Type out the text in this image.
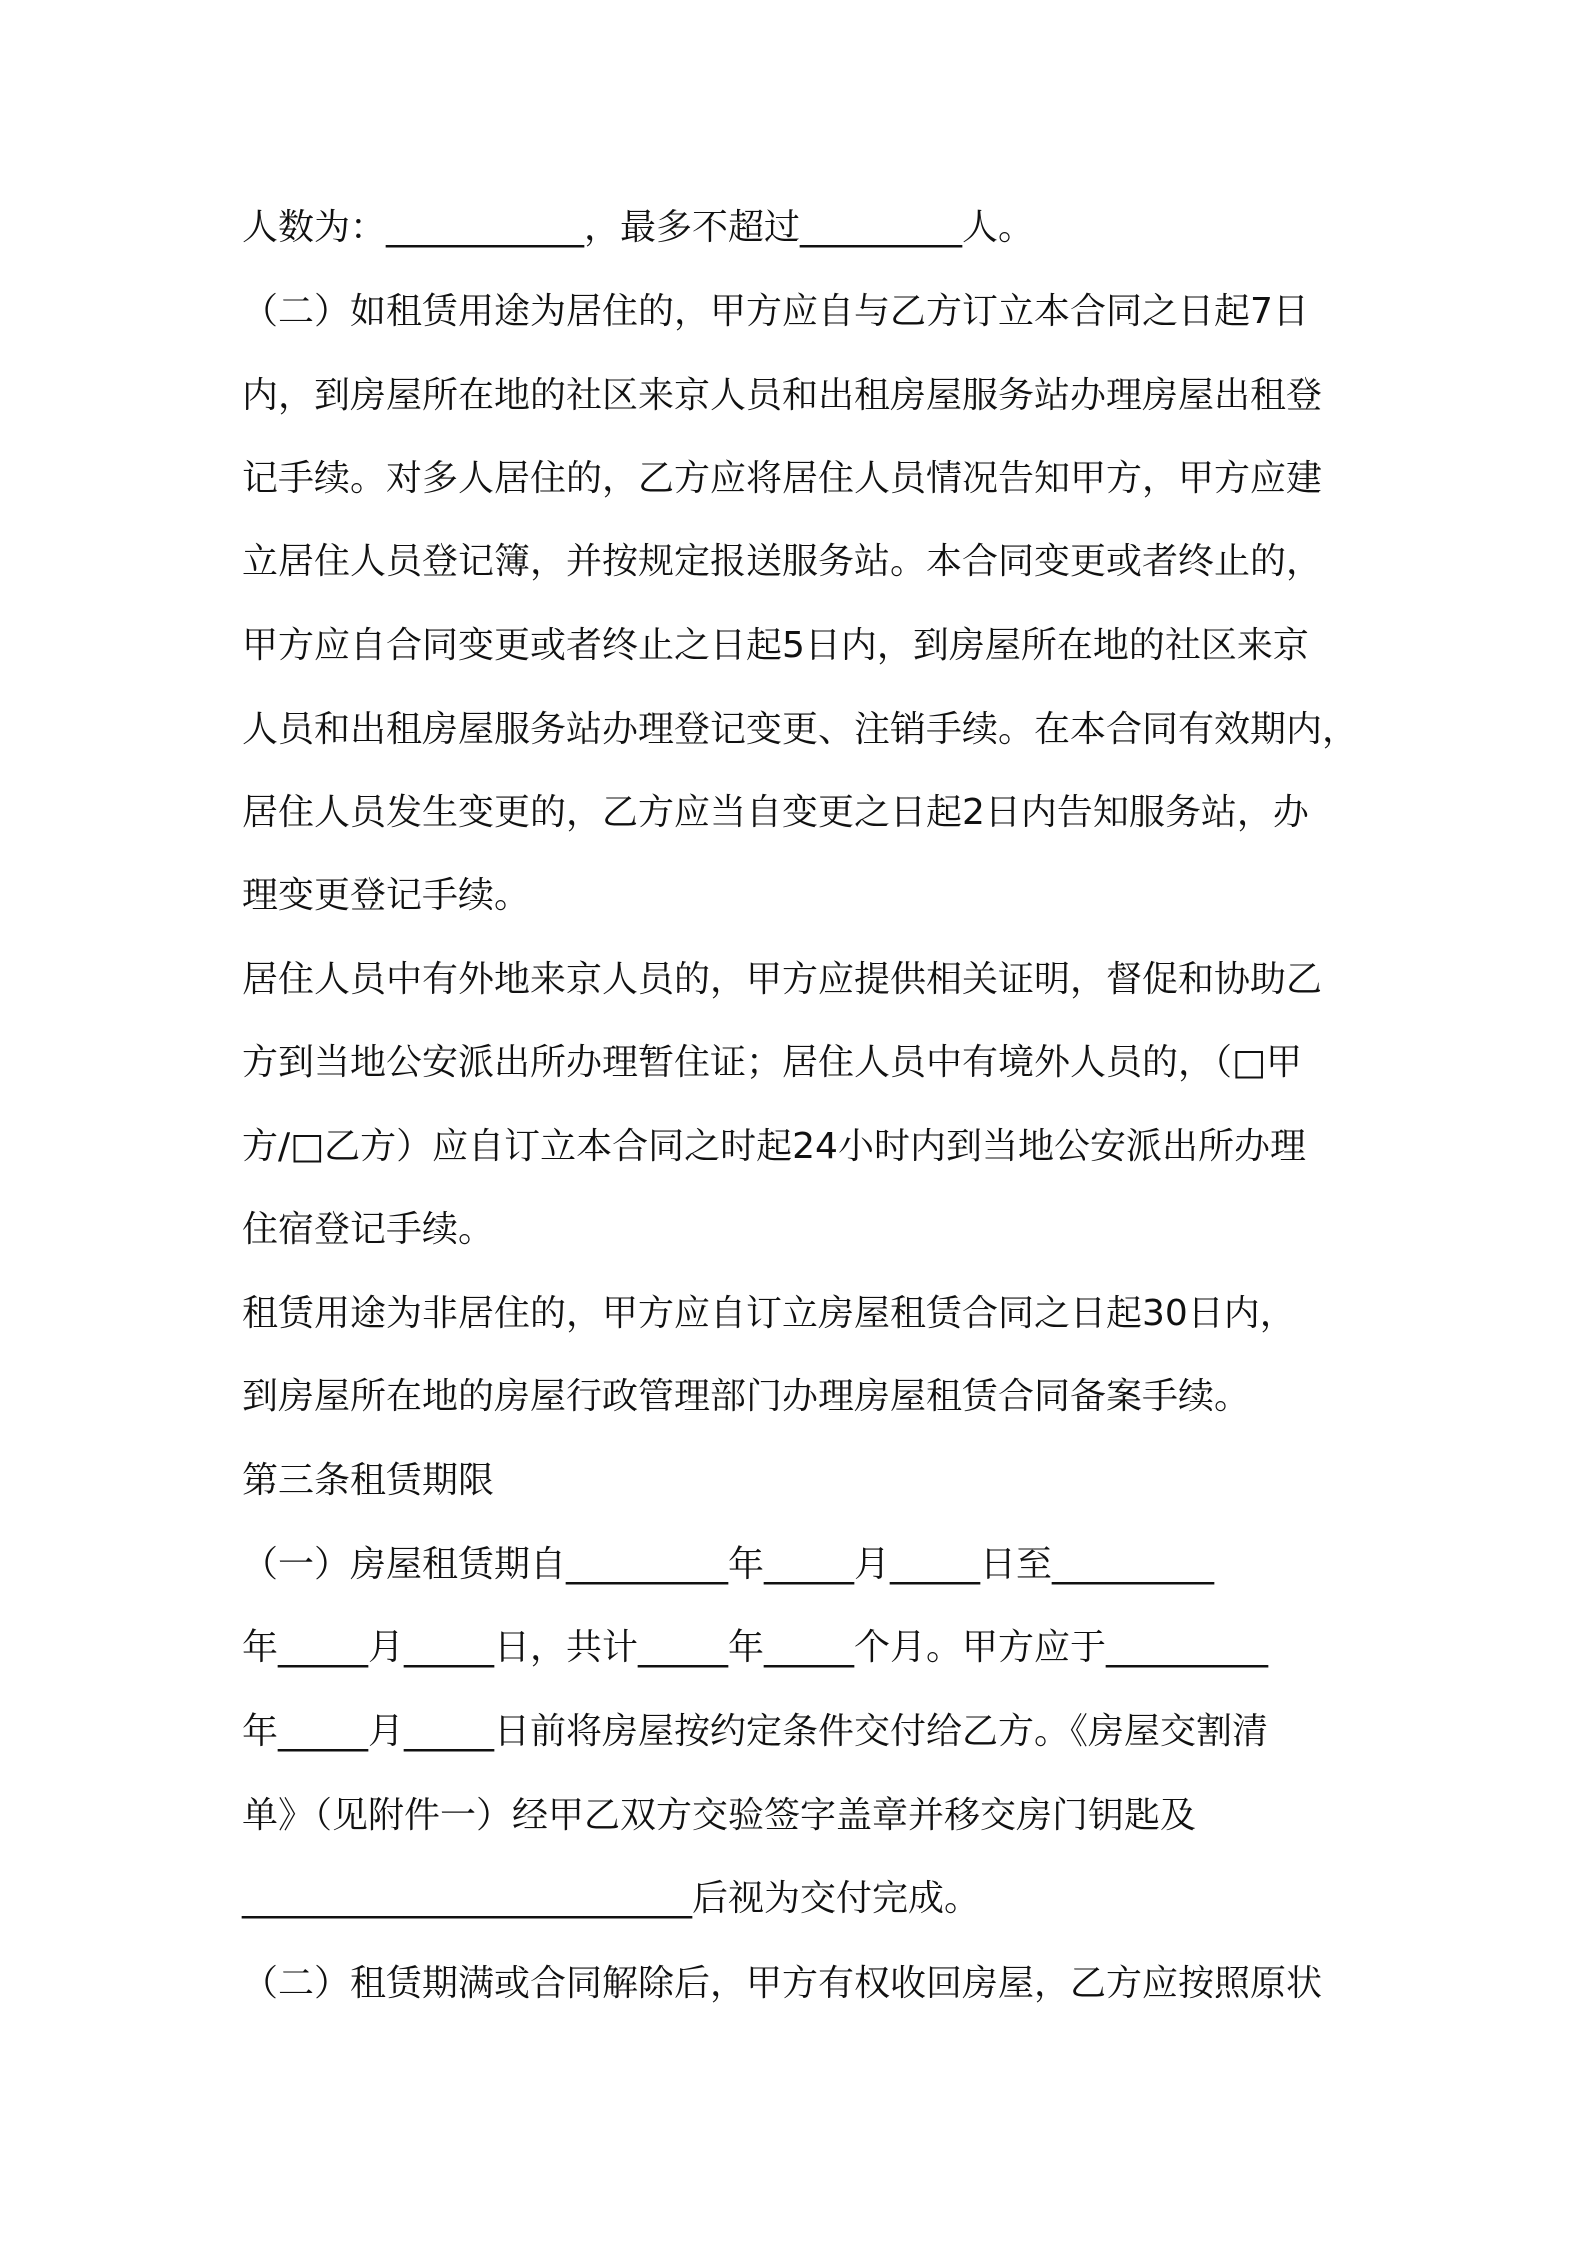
人数为：___________，最多不超过_________人。
（二）如租赁用途为居住的，甲方应自与乙方订立本合同之日起7日
内，到房屋所在地的社区来京人员和出租房屋服务站办理房屋出租登
记手续。对多人居住的，乙方应将居住人员情况告知甲方，甲方应建
立居住人员登记簿，并按规定报送服务站。本合同变更或者终止的，
甲方应自合同变更或者终止之日起5日内，到房屋所在地的社区来京
人员和出租房屋服务站办理登记变更、注销手续。在本合同有效期内，
居住人员发生变更的，乙方应当自变更之日起2日内告知服务站，办
理变更登记手续。
居住人员中有外地来京人员的，甲方应提供相关证明，督促和协助乙
方到当地公安派出所办理暂住证；居住人员中有境外人员的，（□甲
方/□乙方）应自订立本合同之时起24小时内到当地公安派出所办理
住宿登记手续。
租赁用途为非居住的，甲方应自订立房屋租赁合同之日起30日内，
到房屋所在地的房屋行政管理部门办理房屋租赁合同备案手续。
第三条租赁期限
（一）房屋租赁期自_________年_____月_____日至_________
年_____月_____日，共计_____年_____个月。甲方应于_________
年_____月_____日前将房屋按约定条件交付给乙方。《房屋交割清
单》（见附件一）经甲乙双方交验签字盖章并移交房门钥匙及
_________________________后视为交付完成。
（二）租赁期满或合同解除后，甲方有权收回房屋，乙方应按照原状
